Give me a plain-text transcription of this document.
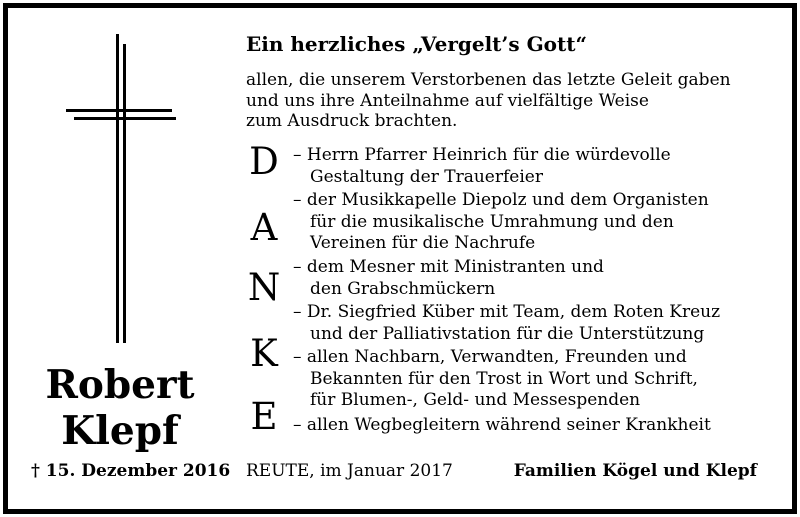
Robert
Klepf
Ein herzliches „Vergelt’s Gott“
allen, die unserem Verstorbenen das letzte Geleit gaben
und uns ihre Anteilnahme auf vielfältige Weise
zum Ausdruck brachten.
D
A
N
K
E
– Herrn Pfarrer Heinrich für die würdevolle
Gestaltung der Trauerfeier
– der Musikkapelle Diepolz und dem Organisten
für die musikalische Umrahmung und den
Vereinen für die Nachrufe
– dem Mesner mit Ministranten und
den Grabschmückern
– Dr. Siegfried Küber mit Team, dem Roten Kreuz
und der Palliativstation für die Unterstützung
– allen Nachbarn, Verwandten, Freunden und
Bekannten für den Trost in Wort und Schrift,
für Blumen-, Geld- und Messespenden
– allen Wegbegleitern während seiner Krankheit
† 15. Dezember 2016 REUTE, im Januar 2017	Familien Kögel und Klepf
